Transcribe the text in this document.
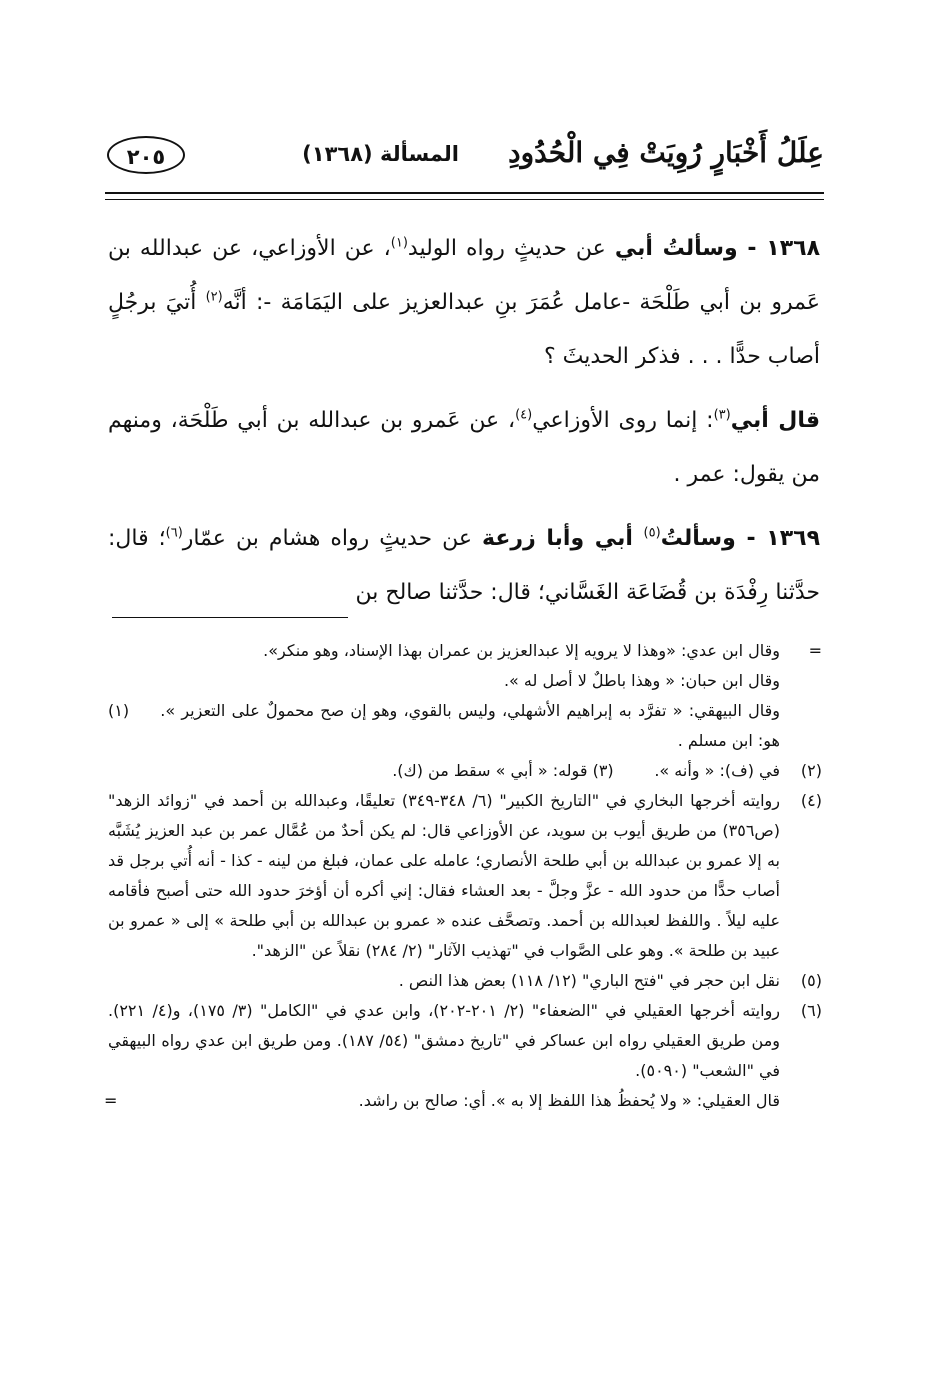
عِلَلُ أَخْبَارٍ رُوِيَتْ فِي الْحُدُودِ
المسألة (١٣٦٨)
٢٠٥

١٣٦٨ - وسألتُ أبي عن حديثٍ رواه الوليد$^{(١)}$، عن الأوزاعي، عن عبدالله بن عَمرو بن أبي طَلْحَة -عامل عُمَرَ بنِ عبدالعزيز على اليَمَامَة -: أنَّه$^{(٢)}$ أُتيَ برجُلٍ أصاب حدًّا . . . فذكر الحديثَ ؟

قال أبي$^{(٣)}$: إنما روى الأوزاعي$^{(٤)}$، عن عَمرو بن عبدالله بن أبي طَلْحَة، ومنهم من يقول: عمر .

١٣٦٩ - وسألتُ$^{(٥)}$ أبي وأبا زرعة عن حديثٍ رواه هشام بن عمّار$^{(٦)}$؛ قال: حدَّثنا رِفْدَة بن قُضَاعَة الغَسَّاني؛ قال: حدَّثنا صالح بن

=
وقال ابن عدي: «وهذا لا يرويه إلا عبدالعزيز بن عمران بهذا الإسناد، وهو منكر».
وقال ابن حبان: « وهذا باطلٌ لا أصل له ».
وقال البيهقي: « تفرَّد به إبراهيم الأشهلي، وليس بالقوي، وهو إن صح محمولٌ على التعزير ».     (١) هو: ابن مسلم .
(٢)
في (ف): « وأنه ».        (٣) قوله: « أبي » سقط من (ك).
(٤)
روايته أخرجها البخاري في "التاريخ الكبير" (٦/ ٣٤٨-٣٤٩) تعليقًا، وعبدالله بن أحمد في "زوائد الزهد" (ص٣٥٦) من طريق أيوب بن سويد، عن الأوزاعي قال: لم يكن أحدٌ من عُمَّال عمر بن عبد العزيز يُشَبَّه به إلا عمرو بن عبدالله بن أبي طلحة الأنصاري؛ عامله على عمان، فبلغ من لينه - كذا - أنه أُتي برجل قد أصاب حدًّا من حدود الله - عزَّ وجلَّ - بعد العشاء فقال: إني أكره أن أؤخرَ حدود الله حتى أصبح فأقامه عليه ليلاً . واللفظ لعبدالله بن أحمد. وتصحَّف عنده « عمرو بن عبدالله بن أبي طلحة » إلى « عمرو بن عبيد بن طلحة ». وهو على الصَّواب في "تهذيب الآثار" (٢/ ٢٨٤) نقلاً عن "الزهد".
(٥)
نقل ابن حجر في "فتح الباري" (١٢/ ١١٨) بعض هذا النص .
(٦)
روايته أخرجها العقيلي في "الضعفاء" (٢/ ٢٠١-٢٠٢)، وابن عدي في "الكامل" (٣/ ١٧٥)، و(٤/ ٢٢١). ومن طريق العقيلي رواه ابن عساكر في "تاريخ دمشق" (٥٤/ ١٨٧). ومن طريق ابن عدي رواه البيهقي في "الشعب" (٥٠٩٠).
قال العقيلي: « ولا يُحفظُ هذا اللفظ إلا به ». أي: صالح بن راشد.
=
